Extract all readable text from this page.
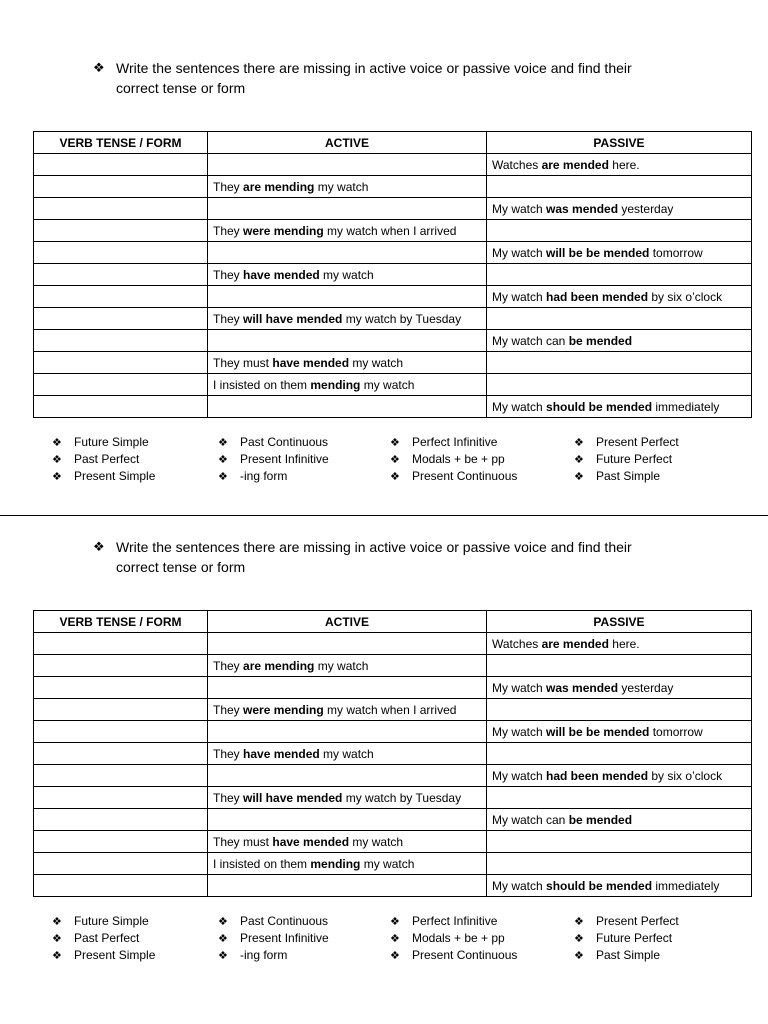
❖ Write the sentences there are missing in active voice or passive voice and find their
correct tense or form
VERB TENSE / FORM	ACTIVE	PASSIVE
		Watches are mended here.
	They are mending my watch	
		My watch was mended yesterday
	They were mending my watch when I arrived	
		My watch will be be mended tomorrow
	They have mended my watch	
		My watch had been mended by six o’clock
	They will have mended my watch by Tuesday	
		My watch can be mended
	They must have mended my watch	
	I insisted on them mending my watch	
		My watch should be mended immediately
❖ Future Simple
❖ Past Perfect
❖ Present Simple
❖ Past Continuous
❖ Present Infinitive
❖ -ing form
❖ Perfect Infinitive
❖ Modals + be + pp
❖ Present Continuous
❖ Present Perfect
❖ Future Perfect
❖ Past Simple
❖ Write the sentences there are missing in active voice or passive voice and find their
correct tense or form
VERB TENSE / FORM	ACTIVE	PASSIVE
		Watches are mended here.
	They are mending my watch	
		My watch was mended yesterday
	They were mending my watch when I arrived	
		My watch will be be mended tomorrow
	They have mended my watch	
		My watch had been mended by six o’clock
	They will have mended my watch by Tuesday	
		My watch can be mended
	They must have mended my watch	
	I insisted on them mending my watch	
		My watch should be mended immediately
❖ Future Simple
❖ Past Perfect
❖ Present Simple
❖ Past Continuous
❖ Present Infinitive
❖ -ing form
❖ Perfect Infinitive
❖ Modals + be + pp
❖ Present Continuous
❖ Present Perfect
❖ Future Perfect
❖ Past Simple
